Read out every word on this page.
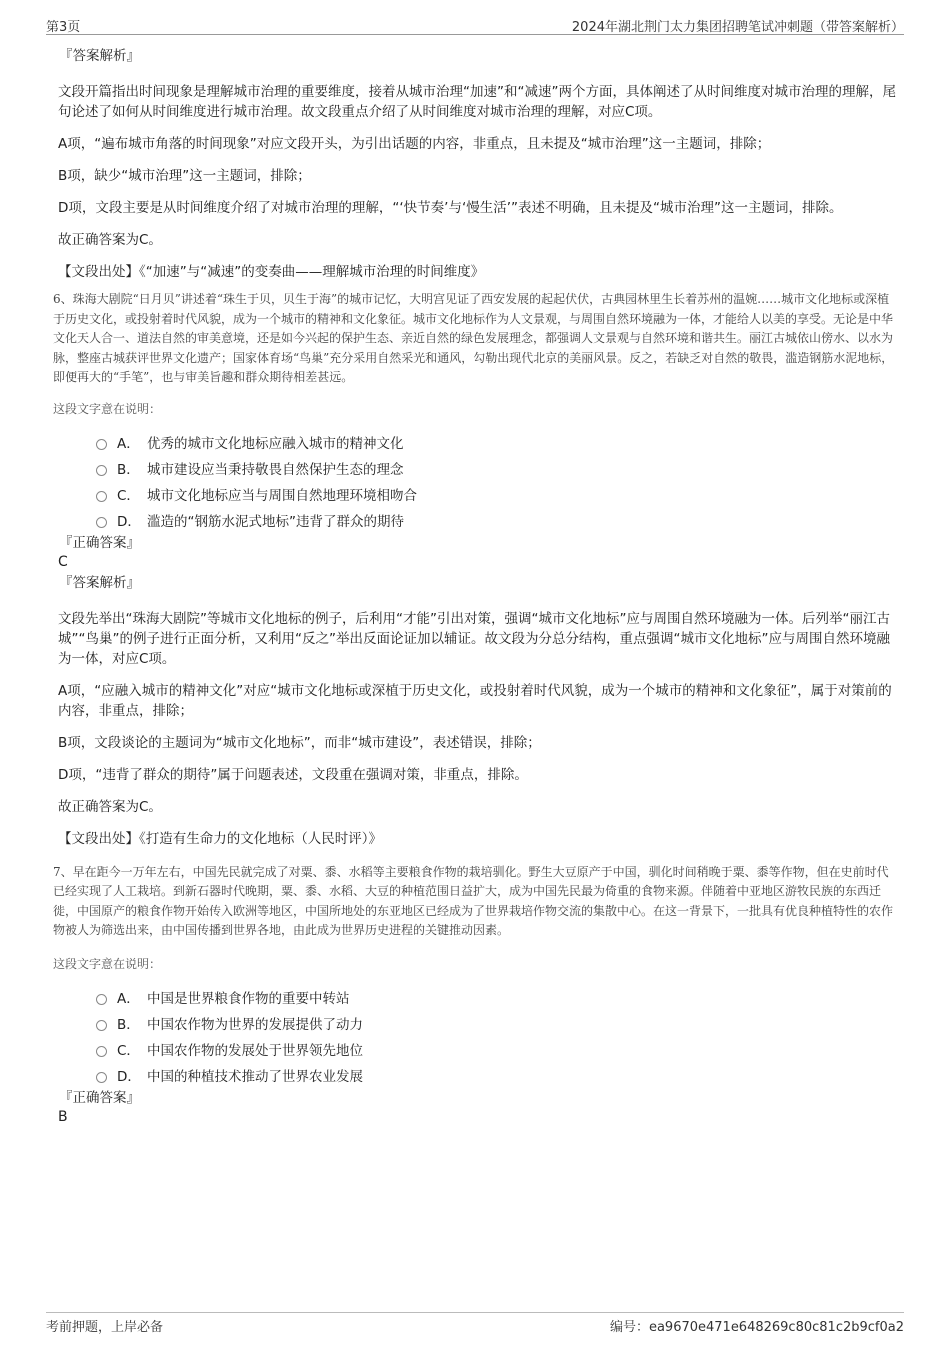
第3页	2024年湖北荆门太力集团招聘笔试冲刺题（带答案解析）
『答案解析』

文段开篇指出时间现象是理解城市治理的重要维度，接着从城市治理“加速”和“减速”两个方面，具体阐述了从时间维度对城市治理的理解，尾句论述了如何从时间维度进行城市治理。故文段重点介绍了从时间维度对城市治理的理解，对应C项。

A项，“遍布城市角落的时间现象”对应文段开头，为引出话题的内容，非重点，且未提及“城市治理”这一主题词，排除；

B项，缺少“城市治理”这一主题词，排除；

D项，文段主要是从时间维度介绍了对城市治理的理解，“‘快节奏’与‘慢生活’”表述不明确，且未提及“城市治理”这一主题词，排除。

故正确答案为C。

【文段出处】《“加速”与“减速”的变奏曲——理解城市治理的时间维度》

6、珠海大剧院“日月贝”讲述着“珠生于贝，贝生于海”的城市记忆，大明宫见证了西安发展的起起伏伏，古典园林里生长着苏州的温婉……城市文化地标或深植于历史文化，或投射着时代风貌，成为一个城市的精神和文化象征。城市文化地标作为人文景观，与周围自然环境融为一体，才能给人以美的享受。无论是中华文化天人合一、道法自然的审美意境，还是如今兴起的保护生态、亲近自然的绿色发展理念，都强调人文景观与自然环境和谐共生。丽江古城依山傍水、以水为脉，整座古城获评世界文化遗产；国家体育场“鸟巢”充分采用自然采光和通风，勾勒出现代北京的美丽风景。反之，若缺乏对自然的敬畏，滥造钢筋水泥地标，即便再大的“手笔”，也与审美旨趣和群众期待相差甚远。

这段文字意在说明：

A． 优秀的城市文化地标应融入城市的精神文化
B． 城市建设应当秉持敬畏自然保护生态的理念
C． 城市文化地标应当与周围自然地理环境相吻合
D． 滥造的“钢筋水泥式地标”违背了群众的期待
『正确答案』

C

『答案解析』

文段先举出“珠海大剧院”等城市文化地标的例子，后利用“才能”引出对策，强调“城市文化地标”应与周围自然环境融为一体。后列举“丽江古城”“鸟巢”的例子进行正面分析，又利用“反之”举出反面论证加以辅证。故文段为分总分结构，重点强调“城市文化地标”应与周围自然环境融为一体，对应C项。

A项，“应融入城市的精神文化”对应“城市文化地标或深植于历史文化，或投射着时代风貌，成为一个城市的精神和文化象征”，属于对策前的内容，非重点，排除；

B项，文段谈论的主题词为“城市文化地标”，而非“城市建设”，表述错误，排除；

D项，“违背了群众的期待”属于问题表述，文段重在强调对策，非重点，排除。

故正确答案为C。

【文段出处】《打造有生命力的文化地标（人民时评）》

7、早在距今一万年左右，中国先民就完成了对粟、黍、水稻等主要粮食作物的栽培驯化。野生大豆原产于中国，驯化时间稍晚于粟、黍等作物，但在史前时代已经实现了人工栽培。到新石器时代晚期，粟、黍、水稻、大豆的种植范围日益扩大，成为中国先民最为倚重的食物来源。伴随着中亚地区游牧民族的东西迁徙，中国原产的粮食作物开始传入欧洲等地区，中国所地处的东亚地区已经成为了世界栽培作物交流的集散中心。在这一背景下，一批具有优良种植特性的农作物被人为筛选出来，由中国传播到世界各地，由此成为世界历史进程的关键推动因素。

这段文字意在说明：

A． 中国是世界粮食作物的重要中转站
B． 中国农作物为世界的发展提供了动力
C． 中国农作物的发展处于世界领先地位
D． 中国的种植技术推动了世界农业发展
『正确答案』

B

考前押题，上岸必备	编号：ea9670e471e648269c80c81c2b9cf0a2
